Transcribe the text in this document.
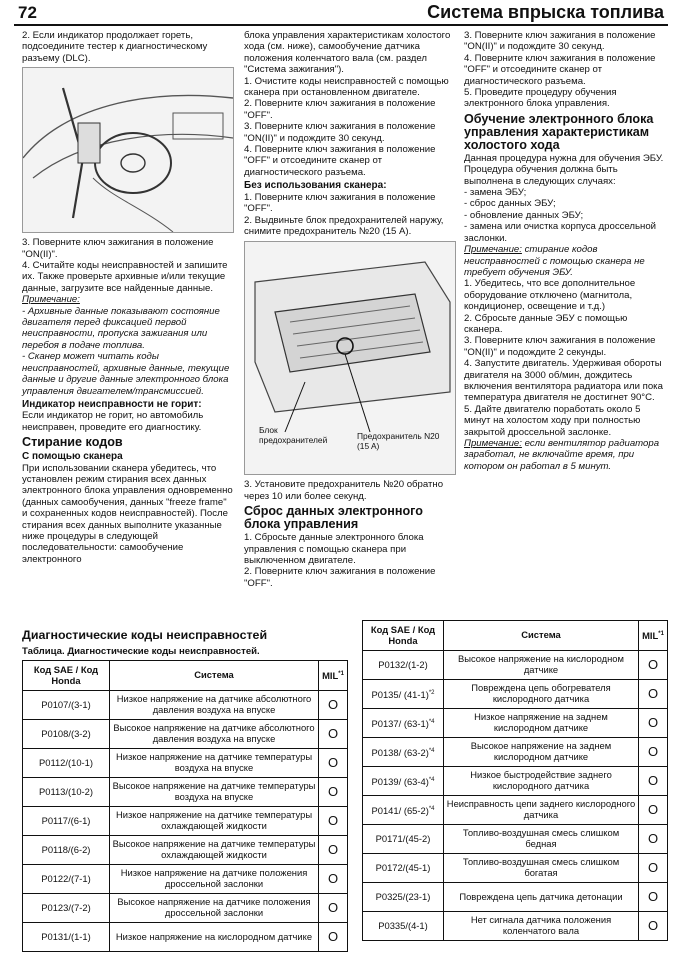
72	Система впрыска топлива

2. Если индикатор продолжает гореть, подсоедините тестер к диагностическому разъему (DLC).

3. Поверните ключ зажигания в положение "ON(II)".

4. Считайте коды неисправностей и запишите их. Также проверьте архивные и/или текущие данные, загрузите все найденные данные.

Примечание:

- Архивные данные показывают состояние двигателя перед фиксацией первой неисправности, пропуска зажигания или перебоя в подаче топлива.

- Сканер может читать коды неисправностей, архивные данные, текущие данные и другие данные электронного блока управления двигателем/трансмиссией.

Индикатор неисправности не горит:

Если индикатор не горит, но автомобиль неисправен, проведите его диагностику.

Стирание кодов
С помощью сканера

При использовании сканера убедитесь, что установлен режим стирания всех данных электронного блока управления одновременно (данных самообучения, данных "freeze frame" и сохраненных кодов неисправностей). После стирания всех данных выполните указанные ниже процедуры в следующей последовательности: самообучение электронного

блока управления характеристикам холостого хода (см. ниже), самообучение датчика положения коленчатого вала (см. раздел "Система зажигания").

1. Очистите коды неисправностей с помощью сканера при остановленном двигателе.

2. Поверните ключ зажигания в положение "OFF".

3. Поверните ключ зажигания в положение "ON(II)" и подождите 30 секунд.

4. Поверните ключ зажигания в положение "OFF" и отсоедините сканер от диагностического разъема.

Без использования сканера:

1. Поверните ключ зажигания в положение "OFF".

2. Выдвиньте блок предохранителей наружу, снимите предохранитель №20 (15 А).

Блок предохранителей	Предохранитель N20 (15 A)

3. Установите предохранитель №20 обратно через 10 или более секунд.

Сброс данных электронного блока управления

1. Сбросьте данные электронного блока управления с помощью сканера при выключенном двигателе.

2. Поверните ключ зажигания в положение "OFF".

3. Поверните ключ зажигания в положение "ON(II)" и подождите 30 секунд.

4. Поверните ключ зажигания в положение "OFF" и отсоедините сканер от диагностического разъема.

5. Проведите процедуру обучения электронного блока управления.

Обучение электронного блока управления характеристикам холостого хода

Данная процедура нужна для обучения ЭБУ.

Процедура обучения должна быть выполнена в следующих случаях:

- замена ЭБУ;

- сброс данных ЭБУ;

- обновление данных ЭБУ;

- замена или очистка корпуса дроссельной заслонки.

Примечание: стирание кодов неисправностей с помощью сканера не требует обучения ЭБУ.

1. Убедитесь, что все дополнительное оборудование отключено (магнитола, кондиционер, освещение и т.д.)

2. Сбросьте данные ЭБУ с помощью сканера.

3. Поверните ключ зажигания в положение "ON(II)" и подождите 2 секунды.

4. Запустите двигатель. Удерживая обороты двигателя на 3000 об/мин, дождитесь включения вентилятора радиатора или пока температура двигателя не достигнет 90°С.

5. Дайте двигателю поработать около 5 минут на холостом ходу при полностью закрытой дроссельной заслонке.

Примечание: если вентилятор радиатора заработал, не включайте время, при котором он работал в 5 минут.

Диагностические коды неисправностей
Таблица. Диагностические коды неисправностей.
Код SAE / Код Honda	Система	MIL$^{*1}$
P0107/(3-1)	Низкое напряжение на датчике абсолютного давления воздуха на впуске	O
P0108/(3-2)	Высокое напряжение на датчике абсолютного давления воздуха на впуске	O
P0112/(10-1)	Низкое напряжение на датчике температуры воздуха на впуске	O
P0113/(10-2)	Высокое напряжение на датчике температуры воздуха на впуске	O
P0117/(6-1)	Низкое напряжение на датчике температуры охлаждающей жидкости	O
P0118/(6-2)	Высокое напряжение на датчике температуры охлаждающей жидкости	O
P0122/(7-1)	Низкое напряжение на датчике положения дроссельной заслонки	O
P0123/(7-2)	Высокое напряжение на датчике положения дроссельной заслонки	O
P0131/(1-1)	Низкое напряжение на кислородном датчике	O
Код SAE / Код Honda	Система	MIL$^{*1}$
P0132/(1-2)	Высокое напряжение на кислородном датчике	O
P0135/ $(41-1)^{*2}$	Повреждена цепь обогревателя кислородного датчика	O
P0137/ $(63-1)^{*4}$	Низкое напряжение на заднем кислородном датчике	O
P0138/ $(63-2)^{*4}$	Высокое напряжение на заднем кислородном датчике	O
P0139/ $(63-4)^{*4}$	Низкое быстродействие заднего кислородного датчика	O
P0141/ $(65-2)^{*4}$	Неисправность цепи заднего кислородного датчика	O
P0171/(45-2)	Топливо-воздушная смесь слишком бедная	O
P0172/(45-1)	Топливо-воздушная смесь слишком богатая	O
P0325/(23-1)	Повреждена цепь датчика детонации	O
P0335/(4-1)	Нет сигнала датчика положения коленчатого вала	O
